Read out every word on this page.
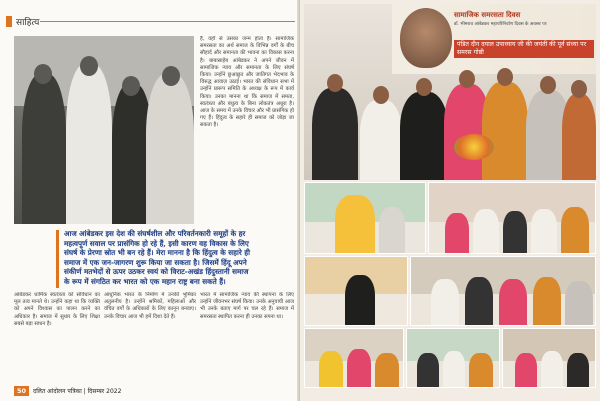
साहित्य
है, वहाँ से उसका जन्म होता है। सामाजिक समरसता का अर्थ समाज के विभिन्न वर्गों के बीच सौहार्द और समानता की भावना का विकास करना है। बाबासाहेब आंबेडकर ने अपने जीवन में सामाजिक न्याय और समानता के लिए संघर्ष किया। उन्होंने छुआछूत और जातिगत भेदभाव के विरुद्ध आवाज़ उठाई। भारत की संविधान सभा में उन्होंने प्रारूप समिति के अध्यक्ष के रूप में कार्य किया। उनका मानना था कि समाज में समता, स्वतंत्रता और बंधुत्व के बिना लोकतंत्र अधूरा है। आज के समय में उनके विचार और भी प्रासंगिक हो गए हैं। हिंदुत्व के सहारे ही समाज को जोड़ा जा सकता है।
आज आंबेडकर इस देश की संघर्षशील और परिवर्तनकारी समूहों के हर महत्वपूर्ण सवाल पर प्रासंगिक हो रहे हैं, इसी कारण वह विकास के लिए संघर्ष के प्रेरणा स्रोत भी बन रहे हैं। मेरा मानना है कि हिंदुत्व के सहारे ही समाज में एक जन-जागरण शुरू किया जा सकता है। जिसमें हिंदू अपने संकीर्ण मतभेदों से ऊपर उठकर स्वयं को विराट-अखंड हिंदुस्तानी समाज के रूप में संगठित कर भारत को एक महान राष्ट्र बना सकते हैं।
आंबेडकर धार्मिक स्वतंत्रता को संविधान का मूल तत्व मानते थे। उन्होंने कहा था कि व्यक्ति को अपने विश्वास का पालन करने का अधिकार है। समाज में सुधार के लिए शिक्षा सबसे बड़ा साधन है।
आधुनिक भारत के निर्माण में उनकी भूमिका अतुलनीय है। उन्होंने श्रमिकों, महिलाओं और वंचित वर्गों के अधिकारों के लिए कानून बनवाए। उनके विचार आज भी हमें दिशा देते हैं।
भारत में सामाजिक न्याय की स्थापना के लिए उन्होंने जीवनभर संघर्ष किया। उनके अनुयायी आज भी उनके बताए मार्ग पर चल रहे हैं। समाज में समरसता स्थापित करना ही उनका सपना था।
50	दलित आंदोलन पत्रिका | दिसम्बर 2022
सामाजिक समरसता दिवस
डॉ. भीमराव आंबेडकर महापरिनिर्वाण दिवस के अवसर पर
पंडित दीन दयाल उपाध्याय जी की जयंती की पूर्व संध्या पर समरस गोष्ठी
